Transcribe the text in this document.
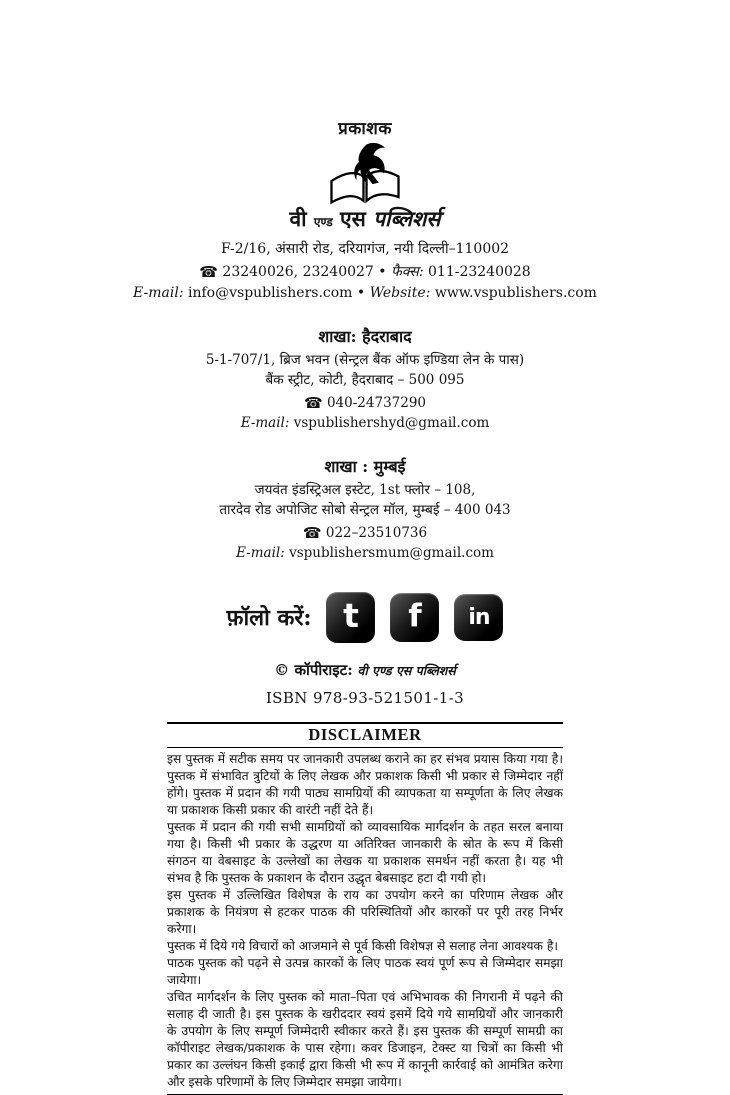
प्रकाशक
वी एण्ड एस पब्लिशर्स
F-2/16, अंसारी रोड, दरियागंज, नयी दिल्ली–110002
☎ 23240026, 23240027 • फैक्स: 011-23240028
E-mail: info@vspublishers.com • Website: www.vspublishers.com
शाखा: हैदराबाद
5-1-707/1, ब्रिज भवन (सेन्ट्रल बैंक ऑफ इण्डिया लेन के पास)
बैंक स्ट्रीट, कोटी, हैदराबाद – 500 095
☎ 040-24737290
E-mail: vspublishershyd@gmail.com
शाखा : मुम्बई
जयवंत इंडस्ट्रिअल इस्टेट, 1st फ्लोर – 108,
तारदेव रोड अपोजिट सोबो सेन्ट्रल मॉल, मुम्बई – 400 043
☎ 022–23510736
E-mail: vspublishersmum@gmail.com
फ़ॉलो करें: t	f	in
© कॉपीराइट: वी एण्ड एस पब्लिशर्स
ISBN 978-93-521501-1-3
DISCLAIMER

इस पुस्तक में सटीक समय पर जानकारी उपलब्ध कराने का हर संभव प्रयास किया गया है। पुस्तक में संभावित त्रुटियों के लिए लेखक और प्रकाशक किसी भी प्रकार से जिम्मेदार नहीं होंगे। पुस्तक में प्रदान की गयी पाठ्य सामग्रियों की व्यापकता या सम्पूर्णता के लिए लेखक या प्रकाशक किसी प्रकार की वारंटी नहीं देते हैं।

पुस्तक में प्रदान की गयी सभी सामग्रियों को व्यावसायिक मार्गदर्शन के तहत सरल बनाया गया है। किसी भी प्रकार के उद्धरण या अतिरिक्त जानकारी के स्रोत के रूप में किसी संगठन या वेबसाइट के उल्लेखों का लेखक या प्रकाशक समर्थन नहीं करता है। यह भी संभव है कि पुस्तक के प्रकाशन के दौरान उद्धृत बेबसाइट हटा दी गयी हो।

इस पुस्तक में उल्लिखित विशेषज्ञ के राय का उपयोग करने का परिणाम लेखक और प्रकाशक के नियंत्रण से हटकर पाठक की परिस्थितियों और कारकों पर पूरी तरह निर्भर करेगा।

पुस्तक में दिये गये विचारों को आजमाने से पूर्व किसी विशेषज्ञ से सलाह लेना आवश्यक है।

पाठक पुस्तक को पढ़ने से उत्पन्न कारकों के लिए पाठक स्वयं पूर्ण रूप से जिम्मेदार समझा जायेगा।

उचित मार्गदर्शन के लिए पुस्तक को माता–पिता एवं अभिभावक की निगरानी में पढ़ने की सलाह दी जाती है। इस पुस्तक के खरीददार स्वयं इसमें दिये गये सामग्रियों और जानकारी के उपयोग के लिए सम्पूर्ण जिम्मेदारी स्वीकार करते हैं। इस पुस्तक की सम्पूर्ण सामग्री का कॉपीराइट लेखक/प्रकाशक के पास रहेगा। कवर डिजाइन, टेक्स्ट या चित्रों का किसी भी प्रकार का उल्लंघन किसी इकाई द्वारा किसी भी रूप में कानूनी कार्रवाई को आमंत्रित करेगा और इसके परिणामों के लिए जिम्मेदार समझा जायेगा।
